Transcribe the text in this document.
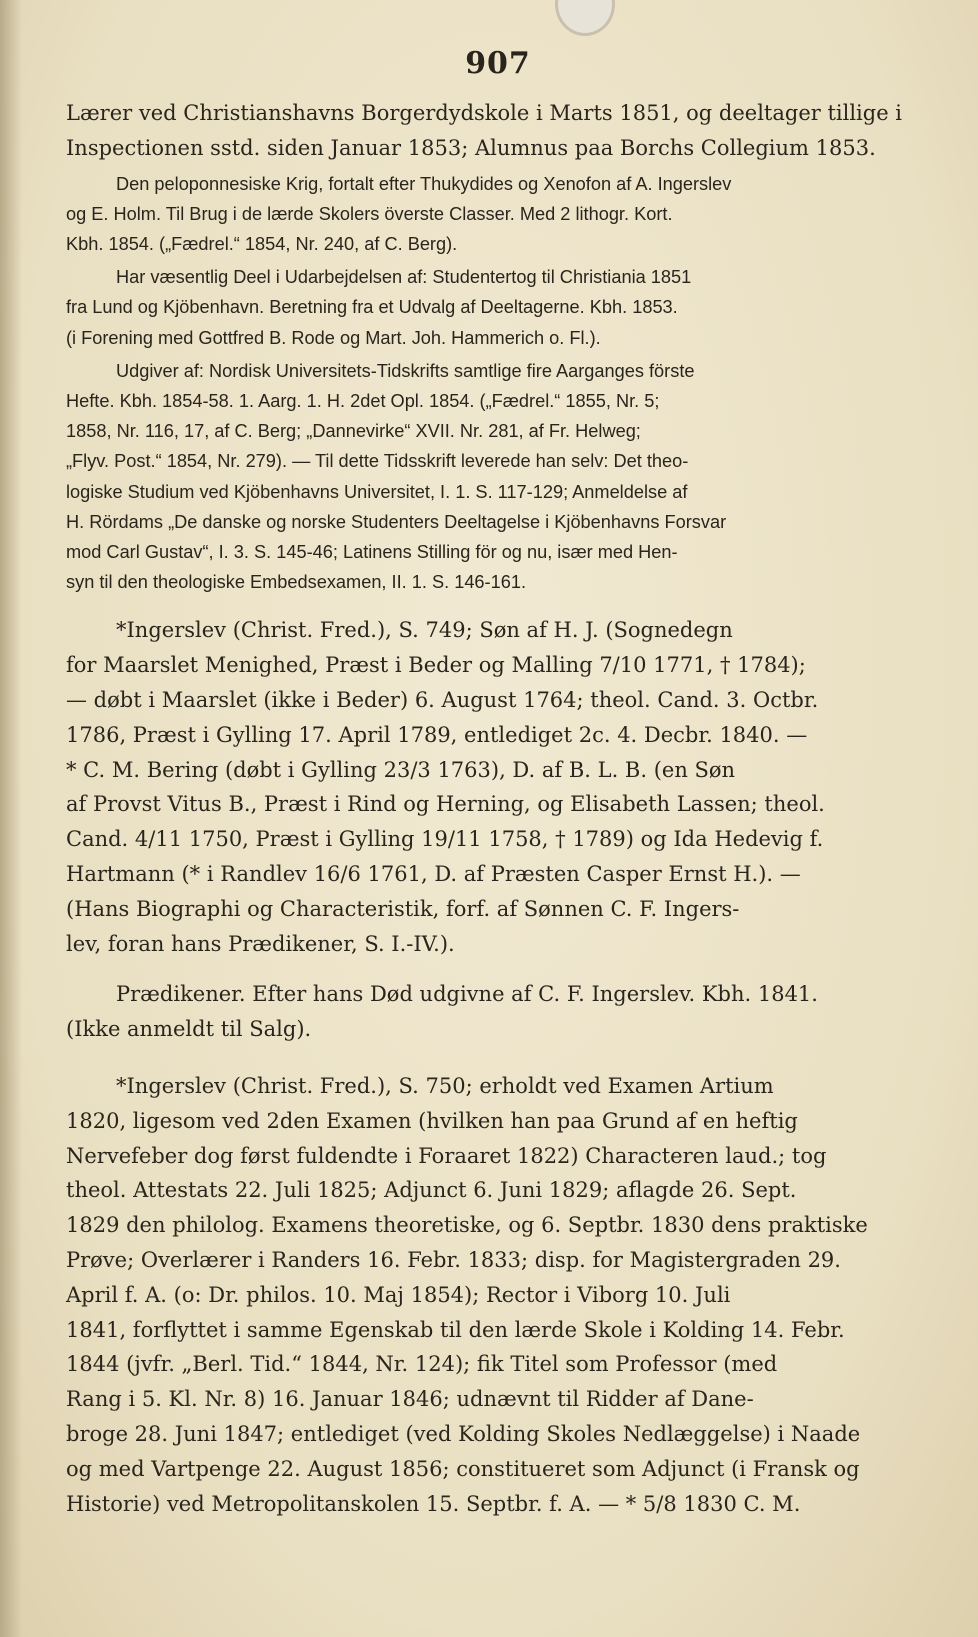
907
Lærer ved Christianshavns Borgerdydskole i Marts 1851, og deeltager tillige i
Inspectionen sstd. siden Januar 1853; Alumnus paa Borchs Collegium 1853.
Den peloponnesiske Krig, fortalt efter Thukydides og Xenofon af A. Ingerslev
og E. Holm. Til Brug i de lærde Skolers överste Classer. Med 2 lithogr. Kort.
Kbh. 1854. („Fædrel.“ 1854, Nr. 240, af C. Berg).
Har væsentlig Deel i Udarbejdelsen af: Studentertog til Christiania 1851
fra Lund og Kjöbenhavn. Beretning fra et Udvalg af Deeltagerne. Kbh. 1853.
(i Forening med Gottfred B. Rode og Mart. Joh. Hammerich o. Fl.).
Udgiver af: Nordisk Universitets-Tidskrifts samtlige fire Aarganges förste
Hefte. Kbh. 1854-58. 1. Aarg. 1. H. 2det Opl. 1854. („Fædrel.“ 1855, Nr. 5;
1858, Nr. 116, 17, af C. Berg; „Dannevirke“ XVII. Nr. 281, af Fr. Helweg;
„Flyv. Post.“ 1854, Nr. 279). — Til dette Tidsskrift leverede han selv: Det theo-
logiske Studium ved Kjöbenhavns Universitet, I. 1. S. 117-129; Anmeldelse af
H. Rördams „De danske og norske Studenters Deeltagelse i Kjöbenhavns Forsvar
mod Carl Gustav“, I. 3. S. 145-46; Latinens Stilling för og nu, især med Hen-
syn til den theologiske Embedsexamen, II. 1. S. 146-161.
*Ingerslev (Christ. Fred.), S. 749; Søn af H. J. (Sognedegn
for Maarslet Menighed, Præst i Beder og Malling 7/10 1771, † 1784);
— døbt i Maarslet (ikke i Beder) 6. August 1764; theol. Cand. 3. Octbr.
1786, Præst i Gylling 17. April 1789, entlediget 2c. 4. Decbr. 1840. —
* C. M. Bering (døbt i Gylling 23/3 1763), D. af B. L. B. (en Søn
af Provst Vitus B., Præst i Rind og Herning, og Elisabeth Lassen; theol.
Cand. 4/11 1750, Præst i Gylling 19/11 1758, † 1789) og Ida Hedevig f.
Hartmann (* i Randlev 16/6 1761, D. af Præsten Casper Ernst H.). —
(Hans Biographi og Characteristik, forf. af Sønnen C. F. Ingers-
lev, foran hans Prædikener, S. I.-IV.).
Prædikener. Efter hans Død udgivne af C. F. Ingerslev. Kbh. 1841.
(Ikke anmeldt til Salg).
*Ingerslev (Christ. Fred.), S. 750; erholdt ved Examen Artium
1820, ligesom ved 2den Examen (hvilken han paa Grund af en heftig
Nervefeber dog først fuldendte i Foraaret 1822) Characteren laud.; tog
theol. Attestats 22. Juli 1825; Adjunct 6. Juni 1829; aflagde 26. Sept.
1829 den philolog. Examens theoretiske, og 6. Septbr. 1830 dens praktiske
Prøve; Overlærer i Randers 16. Febr. 1833; disp. for Magistergraden 29.
April f. A. (o: Dr. philos. 10. Maj 1854); Rector i Viborg 10. Juli
1841, forflyttet i samme Egenskab til den lærde Skole i Kolding 14. Febr.
1844 (jvfr. „Berl. Tid.“ 1844, Nr. 124); fik Titel som Professor (med
Rang i 5. Kl. Nr. 8) 16. Januar 1846; udnævnt til Ridder af Dane-
broge 28. Juni 1847; entlediget (ved Kolding Skoles Nedlæggelse) i Naade
og med Vartpenge 22. August 1856; constitueret som Adjunct (i Fransk og
Historie) ved Metropolitanskolen 15. Septbr. f. A. — * 5/8 1830 C. M.
